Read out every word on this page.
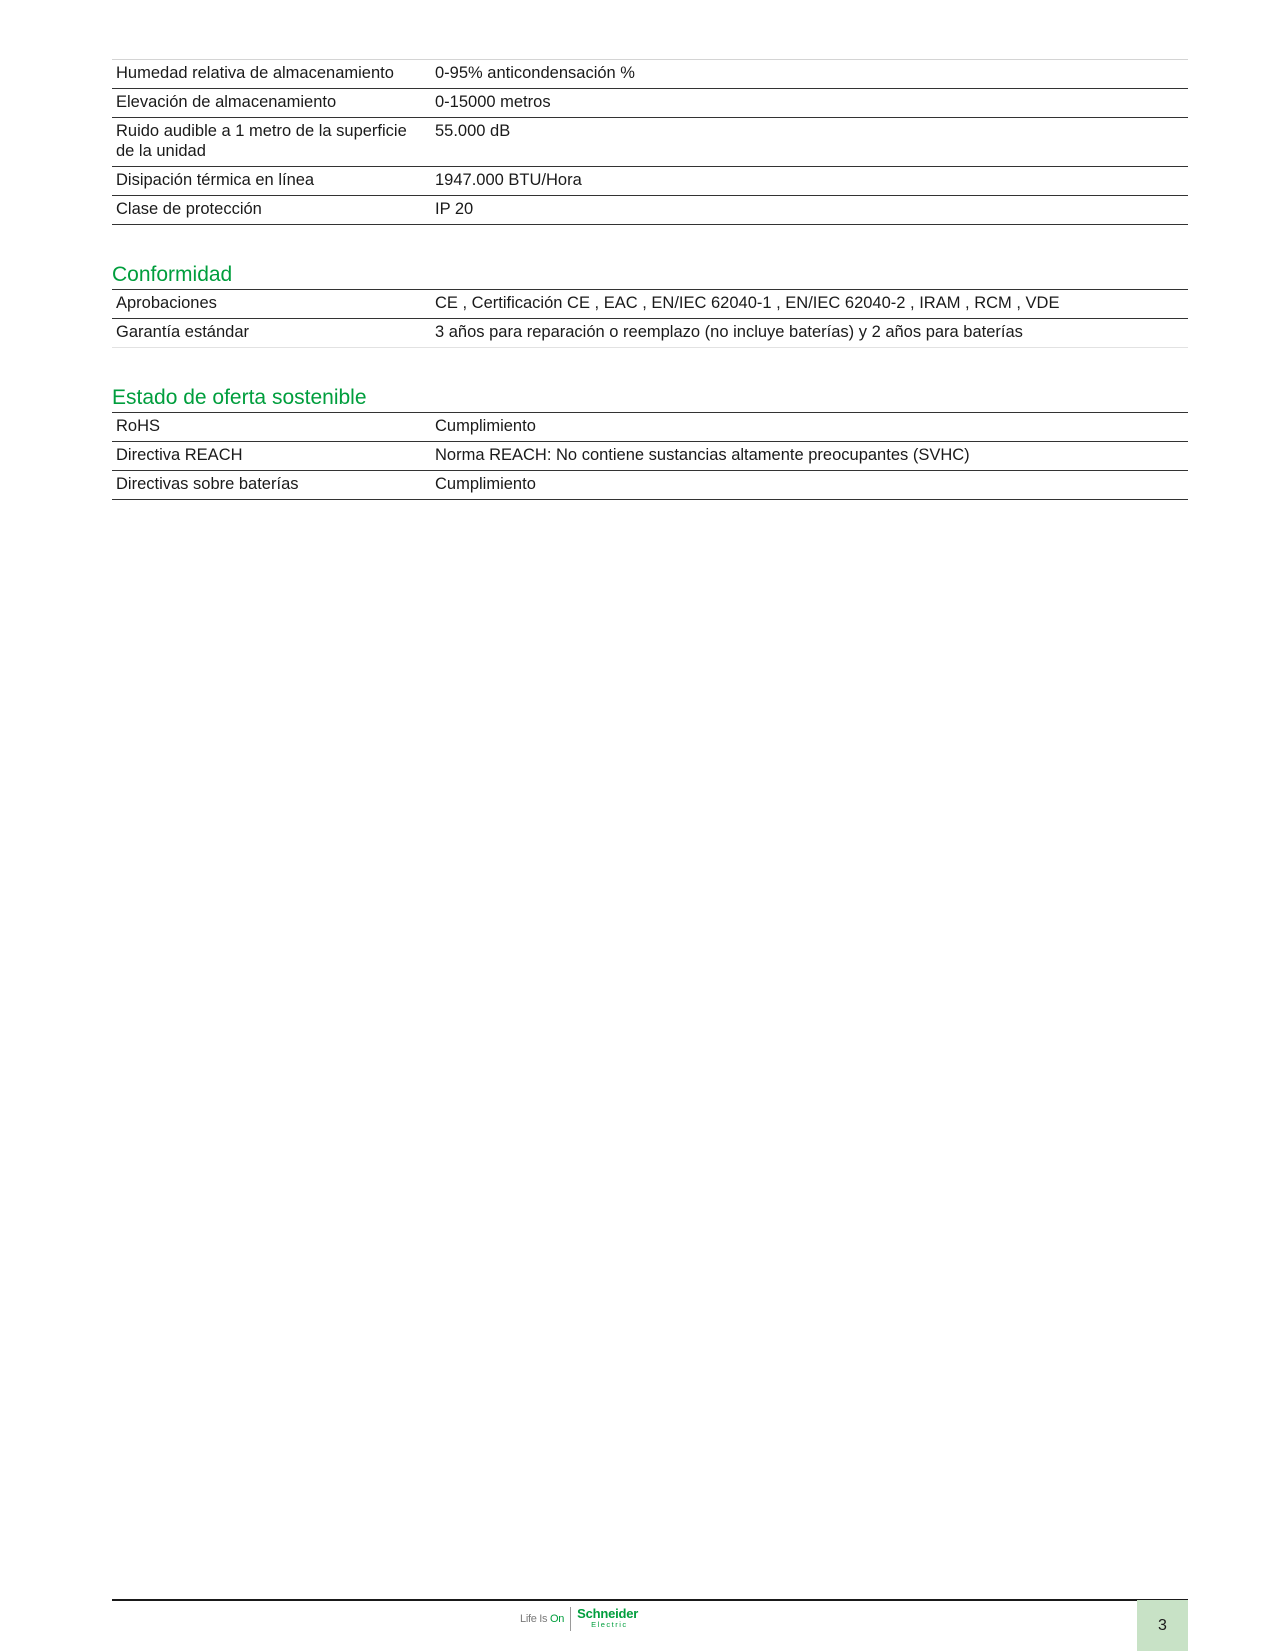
Humedad relativa de almacenamiento	0-95% anticondensación %
Elevación de almacenamiento	0-15000 metros
Ruido audible a 1 metro de la superficie de la unidad	55.000 dB
Disipación térmica en línea	1947.000 BTU/Hora
Clase de protección	IP 20
Conformidad
Aprobaciones	CE , Certificación CE , EAC , EN/IEC 62040-1 , EN/IEC 62040-2 , IRAM , RCM , VDE
Garantía estándar	3 años para reparación o reemplazo (no incluye baterías) y 2 años para baterías
Estado de oferta sostenible
RoHS	Cumplimiento
Directiva REACH	Norma REACH: No contiene sustancias altamente preocupantes (SVHC)
Directivas sobre baterías	Cumplimiento
Life Is On	Schneider
Electric	3
